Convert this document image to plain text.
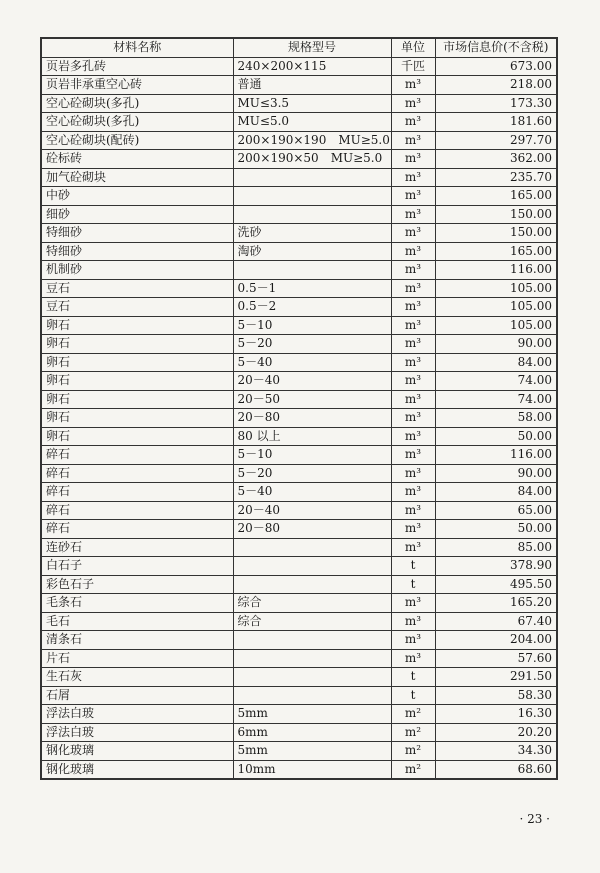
材料名称	规格型号	单位	市场信息价(不含税)
页岩多孔砖	240×200×115	千匹	673.00
页岩非承重空心砖	普通	m³	218.00
空心砼砌块(多孔)	MU≤3.5	m³	173.30
空心砼砌块(多孔)	MU≤5.0	m³	181.60
空心砼砌块(配砖)	200×190×190　MU≥5.0	m³	297.70
砼标砖	200×190×50　MU≥5.0	m³	362.00
加气砼砌块		m³	235.70
中砂		m³	165.00
细砂		m³	150.00
特细砂	洗砂	m³	150.00
特细砂	淘砂	m³	165.00
机制砂		m³	116.00
豆石	0.5－1	m³	105.00
豆石	0.5－2	m³	105.00
卵石	5－10	m³	105.00
卵石	5－20	m³	90.00
卵石	5－40	m³	84.00
卵石	20－40	m³	74.00
卵石	20－50	m³	74.00
卵石	20－80	m³	58.00
卵石	80 以上	m³	50.00
碎石	5－10	m³	116.00
碎石	5－20	m³	90.00
碎石	5－40	m³	84.00
碎石	20－40	m³	65.00
碎石	20－80	m³	50.00
连砂石		m³	85.00
白石子		t	378.90
彩色石子		t	495.50
毛条石	综合	m³	165.20
毛石	综合	m³	67.40
清条石		m³	204.00
片石		m³	57.60
生石灰		t	291.50
石屑		t	58.30
浮法白玻	5mm	m²	16.30
浮法白玻	6mm	m²	20.20
钢化玻璃	5mm	m²	34.30
钢化玻璃	10mm	m²	68.60
· 23 ·
